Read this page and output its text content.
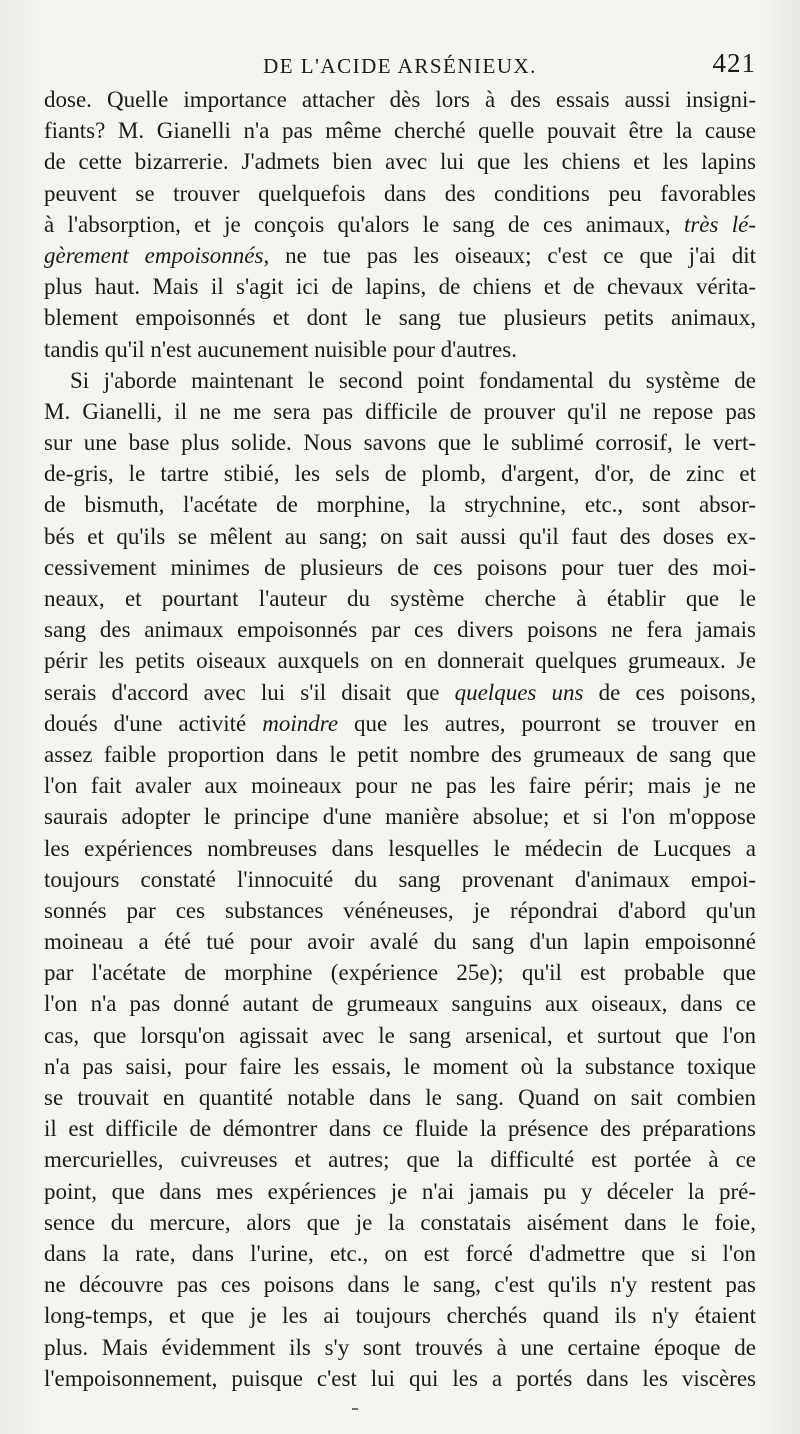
DE L'ACIDE ARSÉNIEUX.	421
dose. Quelle importance attacher dès lors à des essais aussi insigni-
fiants? M. Gianelli n'a pas même cherché quelle pouvait être la cause
de cette bizarrerie. J'admets bien avec lui que les chiens et les lapins
peuvent se trouver quelquefois dans des conditions peu favorables
à l'absorption, et je conçois qu'alors le sang de ces animaux, très lé-
gèrement empoisonnés, ne tue pas les oiseaux; c'est ce que j'ai dit
plus haut. Mais il s'agit ici de lapins, de chiens et de chevaux vérita-
blement empoisonnés et dont le sang tue plusieurs petits animaux,
tandis qu'il n'est aucunement nuisible pour d'autres.
Si j'aborde maintenant le second point fondamental du système de
M. Gianelli, il ne me sera pas difficile de prouver qu'il ne repose pas
sur une base plus solide. Nous savons que le sublimé corrosif, le vert-
de-gris, le tartre stibié, les sels de plomb, d'argent, d'or, de zinc et
de bismuth, l'acétate de morphine, la strychnine, etc., sont absor-
bés et qu'ils se mêlent au sang; on sait aussi qu'il faut des doses ex-
cessivement minimes de plusieurs de ces poisons pour tuer des moi-
neaux, et pourtant l'auteur du système cherche à établir que le
sang des animaux empoisonnés par ces divers poisons ne fera jamais
périr les petits oiseaux auxquels on en donnerait quelques grumeaux. Je
serais d'accord avec lui s'il disait que quelques uns de ces poisons,
doués d'une activité moindre que les autres, pourront se trouver en
assez faible proportion dans le petit nombre des grumeaux de sang que
l'on fait avaler aux moineaux pour ne pas les faire périr; mais je ne
saurais adopter le principe d'une manière absolue; et si l'on m'oppose
les expériences nombreuses dans lesquelles le médecin de Lucques a
toujours constaté l'innocuité du sang provenant d'animaux empoi-
sonnés par ces substances vénéneuses, je répondrai d'abord qu'un
moineau a été tué pour avoir avalé du sang d'un lapin empoisonné
par l'acétate de morphine (expérience 25e); qu'il est probable que
l'on n'a pas donné autant de grumeaux sanguins aux oiseaux, dans ce
cas, que lorsqu'on agissait avec le sang arsenical, et surtout que l'on
n'a pas saisi, pour faire les essais, le moment où la substance toxique
se trouvait en quantité notable dans le sang. Quand on sait combien
il est difficile de démontrer dans ce fluide la présence des préparations
mercurielles, cuivreuses et autres; que la difficulté est portée à ce
point, que dans mes expériences je n'ai jamais pu y déceler la pré-
sence du mercure, alors que je la constatais aisément dans le foie,
dans la rate, dans l'urine, etc., on est forcé d'admettre que si l'on
ne découvre pas ces poisons dans le sang, c'est qu'ils n'y restent pas
long-temps, et que je les ai toujours cherchés quand ils n'y étaient
plus. Mais évidemment ils s'y sont trouvés à une certaine époque de
l'empoisonnement, puisque c'est lui qui les a portés dans les viscères
